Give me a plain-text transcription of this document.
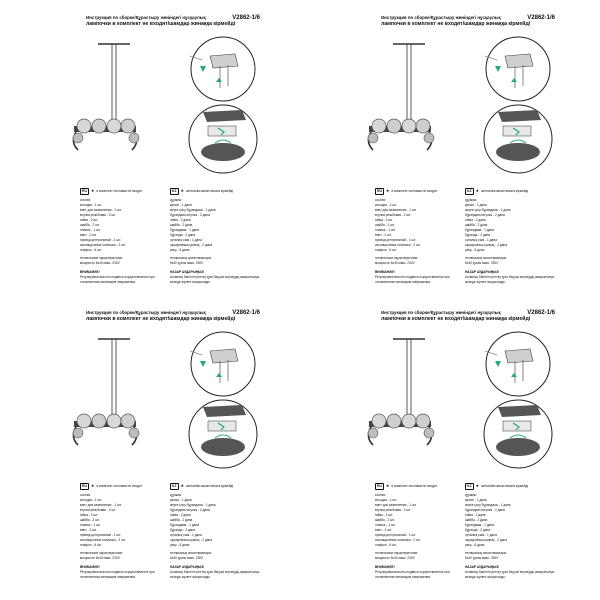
Инструкция по сборке/Құрастыру жөніндегі нұсқаулық	V2862-1/6
лампочки в комплект не входят/шамдар жинаққа кірмейді
RU ★ в комплект поставки не входят
состав:
колодка - 1 шт.
винт для заземления - 1 шт.
втулка резьбовая - 2 шт.
гайка - 2 шт.
шайба - 2 шт.
планка - 1 шт.
винт - 2 шт.
провод центральный - 1 шт.
изоляционные колпачки - 2 шт.
плафон - 6 шт.
технические характеристики:
мощность 6x40 макс. 230V
ВНИМАНИЕ!
Регулировка высоты подвеса осуществляется при отключенном питающем напряжении.
KZ ★ жеткізілім жиынтығына кірмейді
құрамы:
қалып - 1 дана
жерге қосу бұрандасы - 1 дана
бұрандалы втулка - 2 дана
гайка - 2 дана
шайба - 2 дана
бұрандама - 1 дана
бұранда - 2 дана
орталық сым - 1 дана
оқшаулағыш қалпақ - 2 дана
реңк - 6 дана
техникалық сипаттамалары:
6x40 қуаты макс. 230V
НАЗАР АУДАРЫҢЫЗ!
Аспаның биіктігін реттеу қуат берушi кернеудің ажыратылуы кезінде жүзеге асырылады.
Инструкция по сборке/Құрастыру жөніндегі нұсқаулық	V2862-1/6
лампочки в комплект не входят/шамдар жинаққа кірмейді
RU ★ в комплект поставки не входят
состав:
колодка - 1 шт.
винт для заземления - 1 шт.
втулка резьбовая - 2 шт.
гайка - 2 шт.
шайба - 2 шт.
планка - 1 шт.
винт - 2 шт.
провод центральный - 1 шт.
изоляционные колпачки - 2 шт.
плафон - 6 шт.
технические характеристики:
мощность 6x40 макс. 230V
ВНИМАНИЕ!
Регулировка высоты подвеса осуществляется при отключенном питающем напряжении.
KZ ★ жеткізілім жиынтығына кірмейді
құрамы:
қалып - 1 дана
жерге қосу бұрандасы - 1 дана
бұрандалы втулка - 2 дана
гайка - 2 дана
шайба - 2 дана
бұрандама - 1 дана
бұранда - 2 дана
орталық сым - 1 дана
оқшаулағыш қалпақ - 2 дана
реңк - 6 дана
техникалық сипаттамалары:
6x40 қуаты макс. 230V
НАЗАР АУДАРЫҢЫЗ!
Аспаның биіктігін реттеу қуат берушi кернеудің ажыратылуы кезінде жүзеге асырылады.
Инструкция по сборке/Құрастыру жөніндегі нұсқаулық	V2862-1/6
лампочки в комплект не входят/шамдар жинаққа кірмейді
RU ★ в комплект поставки не входят
состав:
колодка - 1 шт.
винт для заземления - 1 шт.
втулка резьбовая - 2 шт.
гайка - 2 шт.
шайба - 2 шт.
планка - 1 шт.
винт - 2 шт.
провод центральный - 1 шт.
изоляционные колпачки - 2 шт.
плафон - 6 шт.
технические характеристики:
мощность 6x40 макс. 230V
ВНИМАНИЕ!
Регулировка высоты подвеса осуществляется при отключенном питающем напряжении.
KZ ★ жеткізілім жиынтығына кірмейді
құрамы:
қалып - 1 дана
жерге қосу бұрандасы - 1 дана
бұрандалы втулка - 2 дана
гайка - 2 дана
шайба - 2 дана
бұрандама - 1 дана
бұранда - 2 дана
орталық сым - 1 дана
оқшаулағыш қалпақ - 2 дана
реңк - 6 дана
техникалық сипаттамалары:
6x40 қуаты макс. 230V
НАЗАР АУДАРЫҢЫЗ!
Аспаның биіктігін реттеу қуат берушi кернеудің ажыратылуы кезінде жүзеге асырылады.
Инструкция по сборке/Құрастыру жөніндегі нұсқаулық	V2862-1/6
лампочки в комплект не входят/шамдар жинаққа кірмейді
RU ★ в комплект поставки не входят
состав:
колодка - 1 шт.
винт для заземления - 1 шт.
втулка резьбовая - 2 шт.
гайка - 2 шт.
шайба - 2 шт.
планка - 1 шт.
винт - 2 шт.
провод центральный - 1 шт.
изоляционные колпачки - 2 шт.
плафон - 6 шт.
технические характеристики:
мощность 6x40 макс. 230V
ВНИМАНИЕ!
Регулировка высоты подвеса осуществляется при отключенном питающем напряжении.
KZ ★ жеткізілім жиынтығына кірмейді
құрамы:
қалып - 1 дана
жерге қосу бұрандасы - 1 дана
бұрандалы втулка - 2 дана
гайка - 2 дана
шайба - 2 дана
бұрандама - 1 дана
бұранда - 2 дана
орталық сым - 1 дана
оқшаулағыш қалпақ - 2 дана
реңк - 6 дана
техникалық сипаттамалары:
6x40 қуаты макс. 230V
НАЗАР АУДАРЫҢЫЗ!
Аспаның биіктігін реттеу қуат берушi кернеудің ажыратылуы кезінде жүзеге асырылады.
